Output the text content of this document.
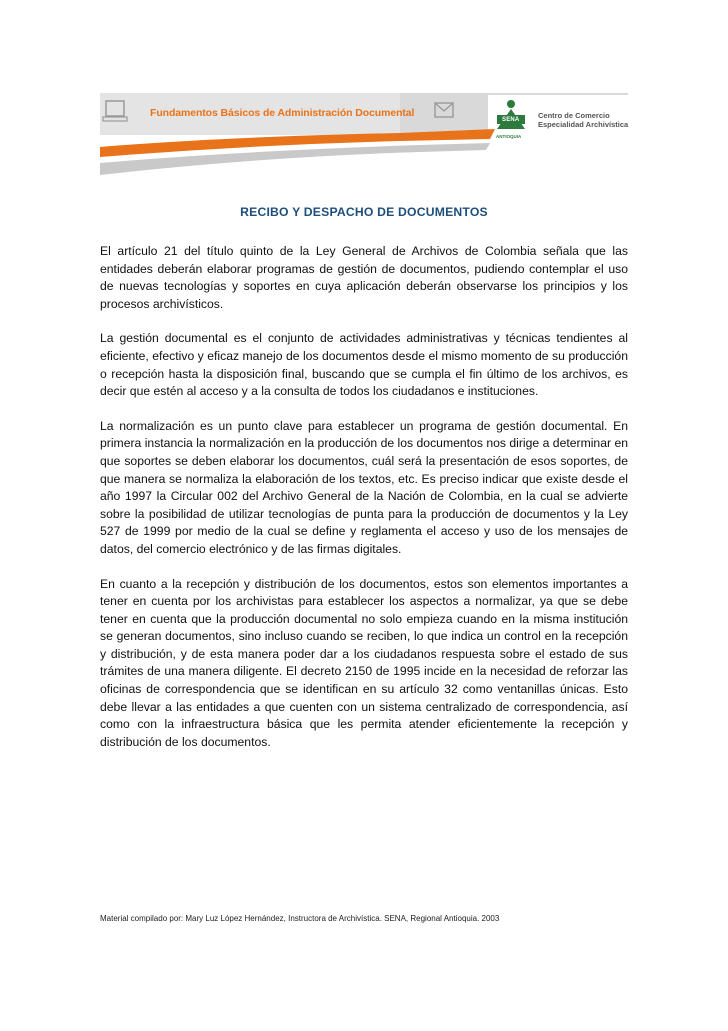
Fundamentos Básicos de Administración Documental
SENA
ANTIOQUIA
Centro de Comercio
Especialidad Archivística
RECIBO Y DESPACHO DE DOCUMENTOS

El artículo 21 del título quinto de la Ley General de Archivos de Colombia señala que las entidades deberán elaborar programas de gestión de documentos, pudiendo contemplar el uso de nuevas tecnologías y soportes en cuya aplicación deberán observarse los principios y los procesos archivísticos.

La gestión documental es el conjunto de actividades administrativas y técnicas tendientes al eficiente, efectivo y eficaz manejo de los documentos desde el mismo momento de su producción o recepción hasta la disposición final, buscando que se cumpla el fin último de los archivos, es decir que estén al acceso y a la consulta de todos los ciudadanos e instituciones.

La normalización es un punto clave para establecer un programa de gestión documental. En primera instancia la normalización en la producción de los documentos nos dirige a determinar en que soportes se deben elaborar los documentos, cuál será la presentación de esos soportes, de que manera se normaliza la elaboración de los textos, etc. Es preciso indicar que existe desde el año 1997 la Circular 002 del Archivo General de la Nación de Colombia, en la cual se advierte sobre la posibilidad de utilizar tecnologías de punta para la producción de documentos y la Ley 527 de 1999 por medio de la cual se define y reglamenta el acceso y uso de los mensajes de datos, del comercio electrónico y de las firmas digitales.

En cuanto a la recepción y distribución de los documentos, estos son elementos importantes a tener en cuenta por los archivistas para establecer los aspectos a normalizar, ya que se debe tener en cuenta que la producción documental no solo empieza cuando en la misma institución se generan documentos, sino incluso cuando se reciben, lo que indica un control en la recepción y distribución, y de esta manera poder dar a los ciudadanos respuesta sobre el estado de sus trámites de una manera diligente. El decreto 2150 de 1995 incide en la necesidad de reforzar las oficinas de correspondencia que se identifican en su artículo 32 como ventanillas únicas. Esto debe llevar a las entidades a que cuenten con un sistema centralizado de correspondencia, así como con la infraestructura básica que les permita atender eficientemente la recepción y distribución de los documentos.

Material compilado por: Mary Luz López Hernández, Instructora de Archivística. SENA, Regional Antioquia. 2003
